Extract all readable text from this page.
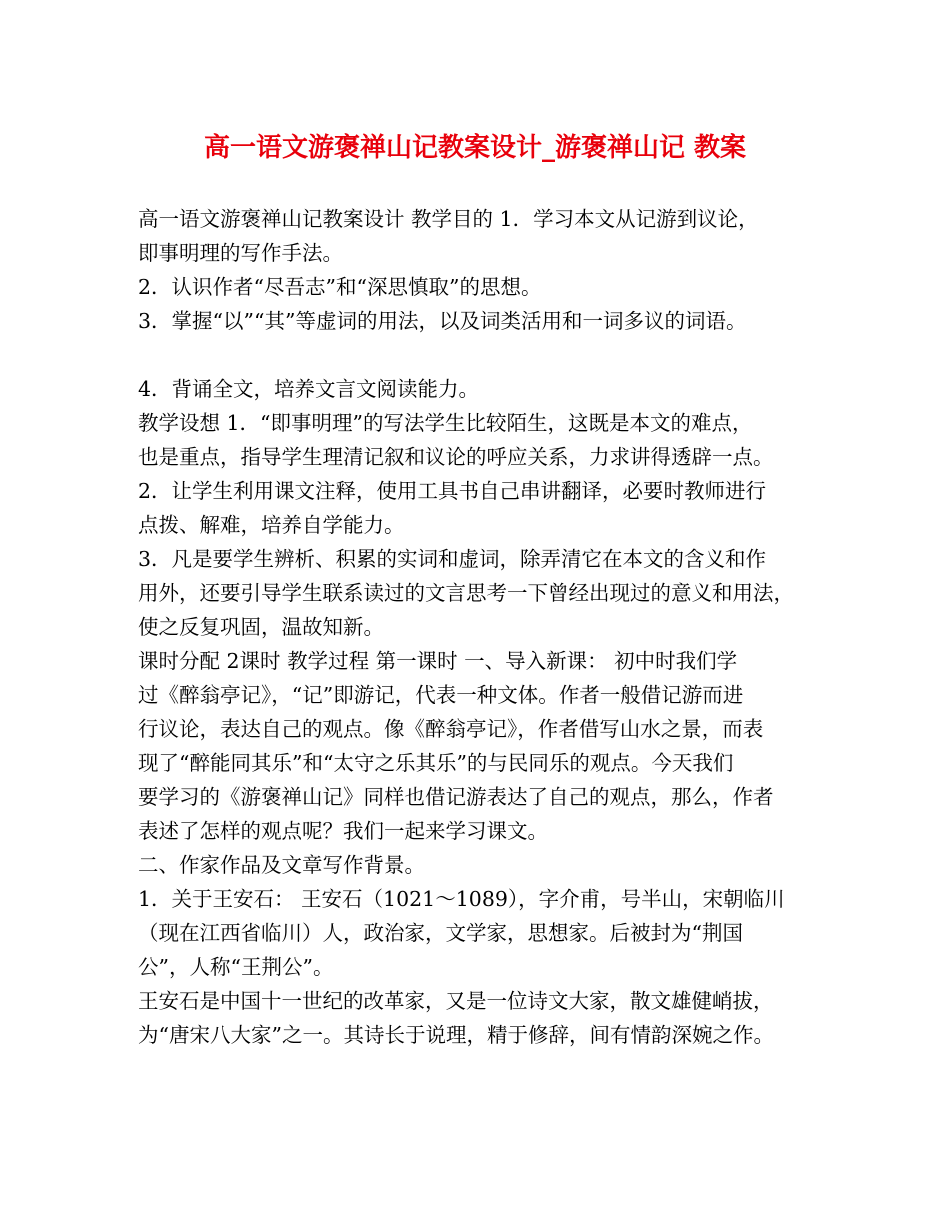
高一语文游褒禅山记教案设计_游褒禅山记 教案
高一语文游褒禅山记教案设计 教学目的 1．学习本文从记游到议论，
即事明理的写作手法。
2．认识作者“尽吾志”和“深思慎取”的思想。
3．掌握“以”“其”等虚词的用法，以及词类活用和一词多议的词语。
4．背诵全文，培养文言文阅读能力。
教学设想 1．“即事明理”的写法学生比较陌生，这既是本文的难点，
也是重点，指导学生理清记叙和议论的呼应关系，力求讲得透辟一点。
2．让学生利用课文注释，使用工具书自己串讲翻译，必要时教师进行
点拨、解难，培养自学能力。
3．凡是要学生辨析、积累的实词和虚词，除弄清它在本文的含义和作
用外，还要引导学生联系读过的文言思考一下曾经出现过的意义和用法，
使之反复巩固，温故知新。
课时分配 2课时 教学过程 第一课时 一、导入新课： 初中时我们学
过《醉翁亭记》，“记”即游记，代表一种文体。作者一般借记游而进
行议论，表达自己的观点。像《醉翁亭记》，作者借写山水之景，而表
现了“醉能同其乐”和“太守之乐其乐”的与民同乐的观点。今天我们
要学习的《游褒禅山记》同样也借记游表达了自己的观点，那么，作者
表述了怎样的观点呢？我们一起来学习课文。
二、作家作品及文章写作背景。
1．关于王安石： 王安石（1021～1089），字介甫，号半山，宋朝临川
（现在江西省临川）人，政治家，文学家，思想家。后被封为“荆国
公”，人称“王荆公”。
王安石是中国十一世纪的改革家，又是一位诗文大家，散文雄健峭拔，
为“唐宋八大家”之一。其诗长于说理，精于修辞，间有情韵深婉之作。
